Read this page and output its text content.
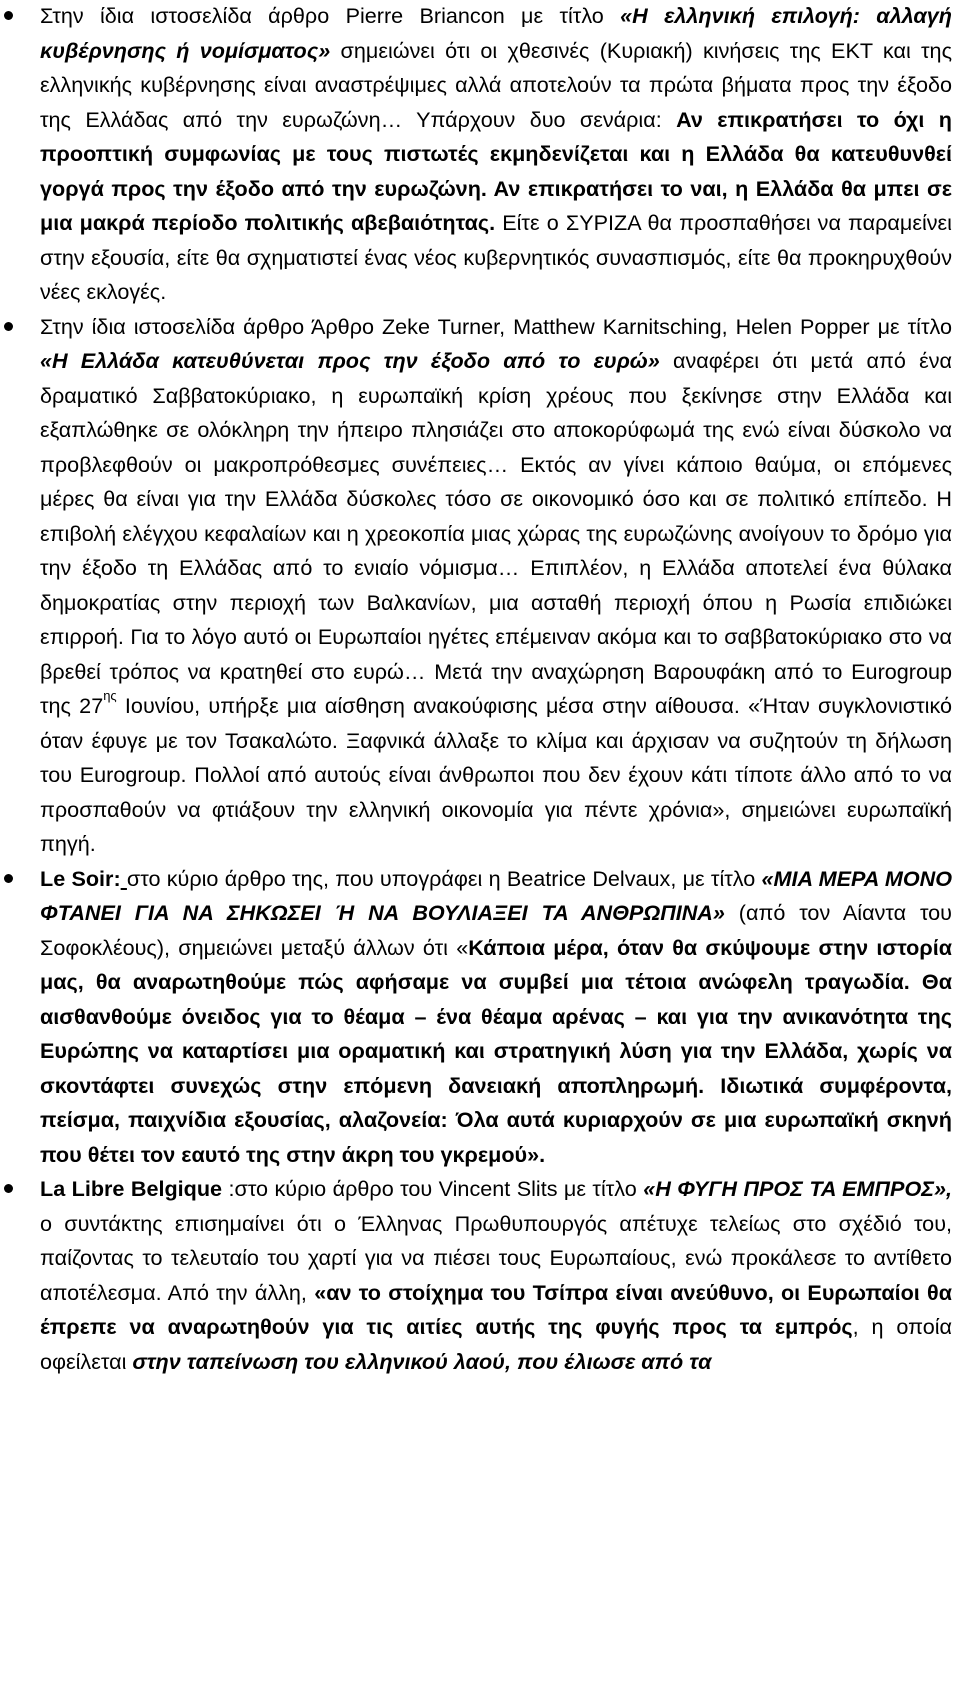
Στην ίδια ιστοσελίδα άρθρο Pierre Briancon με τίτλο «Η ελληνική επιλογή: αλλαγή κυβέρνησης ή νομίσματος» σημειώνει ότι οι χθεσινές (Κυριακή) κινήσεις της ΕΚΤ και της ελληνικής κυβέρνησης είναι αναστρέψιμες αλλά αποτελούν τα πρώτα βήματα προς την έξοδο της Ελλάδας από την ευρωζώνη… Υπάρχουν δυο σενάρια: Αν επικρατήσει το όχι η προοπτική συμφωνίας με τους πιστωτές εκμηδενίζεται και η Ελλάδα θα κατευθυνθεί γοργά προς την έξοδο από την ευρωζώνη. Αν επικρατήσει το ναι, η Ελλάδα θα μπει σε μια μακρά περίοδο πολιτικής αβεβαιότητας. Είτε ο ΣΥΡΙΖΑ θα προσπαθήσει να παραμείνει στην εξουσία, είτε θα σχηματιστεί ένας νέος κυβερνητικός συνασπισμός, είτε θα προκηρυχθούν νέες εκλογές.
Στην ίδια ιστοσελίδα άρθρο Άρθρο Zeke Turner, Matthew Karnitsching, Helen Popper με τίτλο «Η Ελλάδα κατευθύνεται προς την έξοδο από το ευρώ» αναφέρει ότι μετά από ένα δραματικό Σαββατοκύριακο, η ευρωπαϊκή κρίση χρέους που ξεκίνησε στην Ελλάδα και εξαπλώθηκε σε ολόκληρη την ήπειρο πλησιάζει στο αποκορύφωμά της ενώ είναι δύσκολο να προβλεφθούν οι μακροπρόθεσμες συνέπειες… Εκτός αν γίνει κάποιο θαύμα, οι επόμενες μέρες θα είναι για την Ελλάδα δύσκολες τόσο σε οικονομικό όσο και σε πολιτικό επίπεδο. Η επιβολή ελέγχου κεφαλαίων και η χρεοκοπία μιας χώρας της ευρωζώνης ανοίγουν το δρόμο για την έξοδο τη Ελλάδας από το ενιαίο νόμισμα… Επιπλέον, η Ελλάδα αποτελεί ένα θύλακα δημοκρατίας στην περιοχή των Βαλκανίων, μια ασταθή περιοχή όπου η Ρωσία επιδιώκει επιρροή. Για το λόγο αυτό οι Ευρωπαίοι ηγέτες επέμειναν ακόμα και το σαββατοκύριακο στο να βρεθεί τρόπος να κρατηθεί στο ευρώ… Μετά την αναχώρηση Βαρουφάκη από το Eurogroup της $27^{\eta\varsigma}$ Ιουνίου, υπήρξε μια αίσθηση ανακούφισης μέσα στην αίθουσα. «Ήταν συγκλονιστικό όταν έφυγε με τον Τσακαλώτο. Ξαφνικά άλλαξε το κλίμα και άρχισαν να συζητούν τη δήλωση του Eurogroup. Πολλοί από αυτούς είναι άνθρωποι που δεν έχουν κάτι τίποτε άλλο από το να προσπαθούν να φτιάξουν την ελληνική οικονομία για πέντε χρόνια», σημειώνει ευρωπαϊκή πηγή.
Le Soir: στο κύριο άρθρο της, που υπογράφει η Beatrice Delvaux, με τίτλο «ΜΙΑ ΜΕΡΑ ΜΟΝΟ ΦΤΑΝΕΙ ΓΙΑ ΝΑ ΣΗΚΩΣΕΙ Ή ΝΑ ΒΟΥΛΙΑΞΕΙ ΤΑ ΑΝΘΡΩΠΙΝΑ» (από τον Αίαντα του Σοφοκλέους), σημειώνει μεταξύ άλλων ότι «Κάποια μέρα, όταν θα σκύψουμε στην ιστορία μας, θα αναρωτηθούμε πώς αφήσαμε να συμβεί μια τέτοια ανώφελη τραγωδία. Θα αισθανθούμε όνειδος για το θέαμα – ένα θέαμα αρένας – και για την ανικανότητα της Ευρώπης να καταρτίσει μια οραματική και στρατηγική λύση για την Ελλάδα, χωρίς να σκοντάφτει συνεχώς στην επόμενη δανειακή αποπληρωμή. Ιδιωτικά συμφέροντα, πείσμα, παιχνίδια εξουσίας, αλαζονεία: Όλα αυτά κυριαρχούν σε μια ευρωπαϊκή σκηνή που θέτει τον εαυτό της στην άκρη του γκρεμού».
La Libre Belgique :στο κύριο άρθρο του Vincent Slits με τίτλο «Η ΦΥΓΗ ΠΡΟΣ ΤΑ ΕΜΠΡΟΣ», ο συντάκτης επισημαίνει ότι ο Έλληνας Πρωθυπουργός απέτυχε τελείως στο σχέδιό του, παίζοντας το τελευταίο του χαρτί για να πιέσει τους Ευρωπαίους, ενώ προκάλεσε το αντίθετο αποτέλεσμα. Από την άλλη, «αν το στοίχημα του Τσίπρα είναι ανεύθυνο, οι Ευρωπαίοι θα έπρεπε να αναρωτηθούν για τις αιτίες αυτής της φυγής προς τα εμπρός, η οποία οφείλεται στην ταπείνωση του ελληνικού λαού, που έλιωσε από τα
